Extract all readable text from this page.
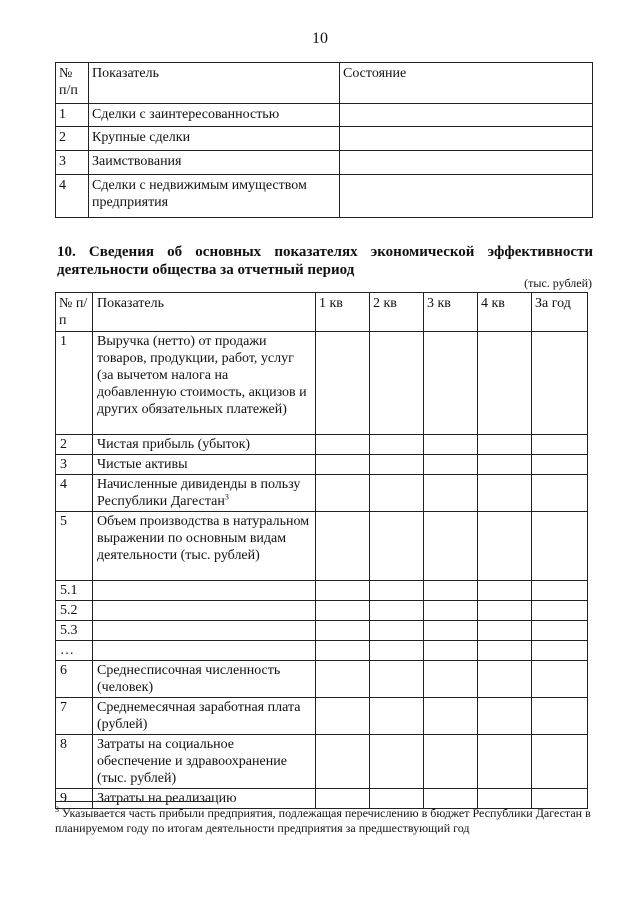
10
№ п/п	Показатель	Состояние
1	Сделки с заинтересованностью	
2	Крупные сделки	
3	Заимствования	
4	Сделки с недвижимым имуществом предприятия	
10. Сведения об основных показателях экономической эффективности деятельности общества за отчетный период
(тыс. рублей)
№ п/п	Показатель	1 кв	2 кв	3 кв	4 кв	За год
1	Выручка (нетто) от продажи товаров, продукции, работ, услуг (за вычетом налога на добавленную стоимость, акцизов и других обязательных платежей)					
2	Чистая прибыль (убыток)					
3	Чистые активы					
4	Начисленные дивиденды в пользу Республики Дагестан$^3$					
5	Объем производства в натуральном выражении по основным видам деятельности (тыс. рублей)					
5.1						
5.2						
5.3						
…						
6	Среднесписочная численность (человек)					
7	Среднемесячная заработная плата (рублей)					
8	Затраты на социальное обеспечение и здравоохранение (тыс. рублей)					
9	Затраты на реализацию					
$^3$ Указывается часть прибыли предприятия, подлежащая перечислению в бюджет Республики Дагестан в планируемом году по итогам деятельности предприятия за предшествующий год
